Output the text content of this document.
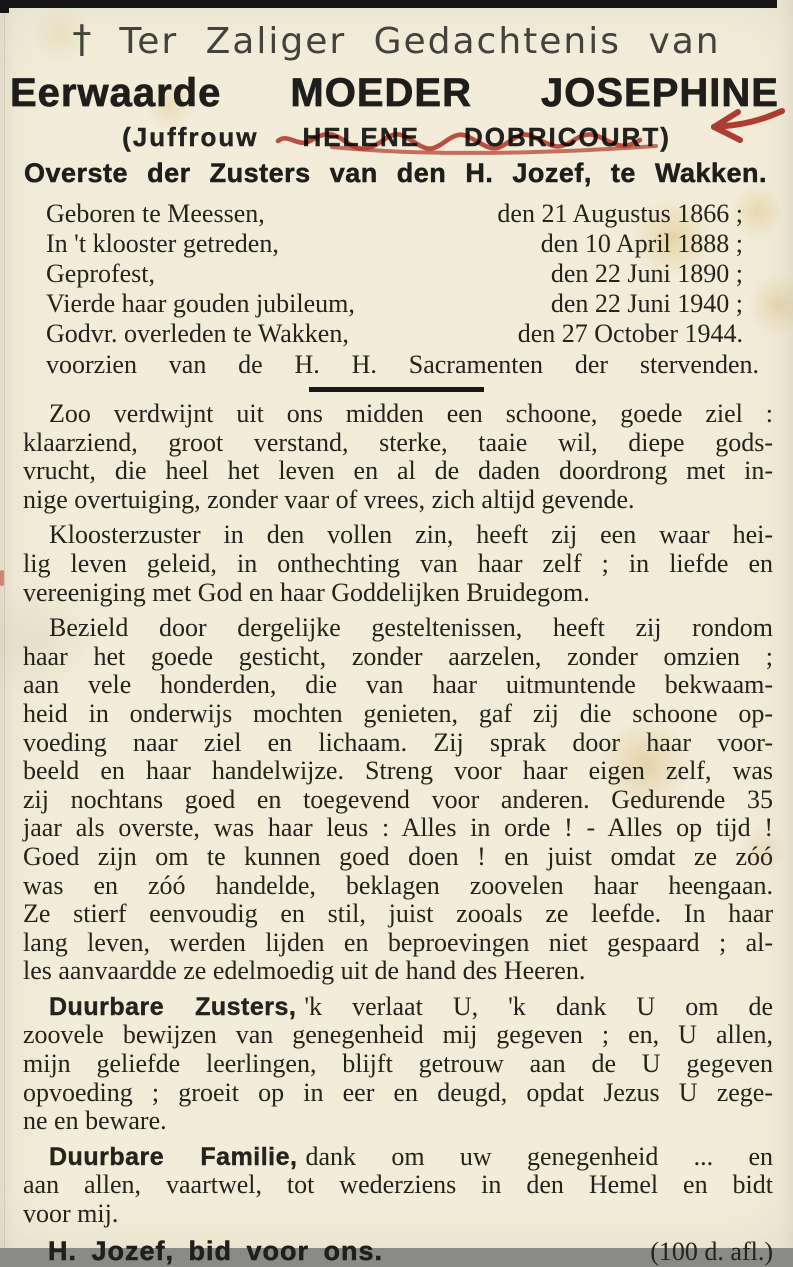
† Ter Zaliger Gedachtenis van
Eerwaarde MOEDER JOSEPHINE
(Juffrouw HELENE DOBRICOURT)
Overste der Zusters van den H. Jozef, te Wakken.
Geboren te Meessen,	den 21 Augustus 1866 ;
In 't klooster getreden,	den 10 April 1888 ;
Geprofest,	den 22 Juni 1890 ;
Vierde haar gouden jubileum,	den 22 Juni 1940 ;
Godvr. overleden te Wakken,	den 27 October 1944.
voorzien van de H. H. Sacramenten der stervenden.
Zoo verdwijnt uit ons midden een schoone, goede ziel :
klaarziend, groot verstand, sterke, taaie wil, diepe gods-
vrucht, die heel het leven en al de daden doordrong met in-
nige overtuiging, zonder vaar of vrees, zich altijd gevende.
Kloosterzuster in den vollen zin, heeft zij een waar hei-
lig leven geleid, in onthechting van haar zelf ; in liefde en
vereeniging met God en haar Goddelijken Bruidegom.
Bezield door dergelijke gesteltenissen, heeft zij rondom
haar het goede gesticht, zonder aarzelen, zonder omzien ;
aan vele honderden, die van haar uitmuntende bekwaam-
heid in onderwijs mochten genieten, gaf zij die schoone op-
voeding naar ziel en lichaam. Zij sprak door haar voor-
beeld en haar handelwijze. Streng voor haar eigen zelf, was
zij nochtans goed en toegevend voor anderen. Gedurende 35
jaar als overste, was haar leus : Alles in orde ! - Alles op tijd !
Goed zijn om te kunnen goed doen ! en juist omdat ze zóó
was en zóó handelde, beklagen zoovelen haar heengaan.
Ze stierf eenvoudig en stil, juist zooals ze leefde. In haar
lang leven, werden lijden en beproevingen niet gespaard ; al-
les aanvaardde ze edelmoedig uit de hand des Heeren.
Duurbare Zusters, 'k verlaat U, 'k dank U om de
zoovele bewijzen van genegenheid mij gegeven ; en, U allen,
mijn geliefde leerlingen, blijft getrouw aan de U gegeven
opvoeding ; groeit op in eer en deugd, opdat Jezus U zege-
ne en beware.
Duurbare Familie, dank om uw genegenheid ... en
aan allen, vaartwel, tot wederziens in den Hemel en bidt
voor mij.
H. Jozef, bid voor ons.	(100 d. afl.)
